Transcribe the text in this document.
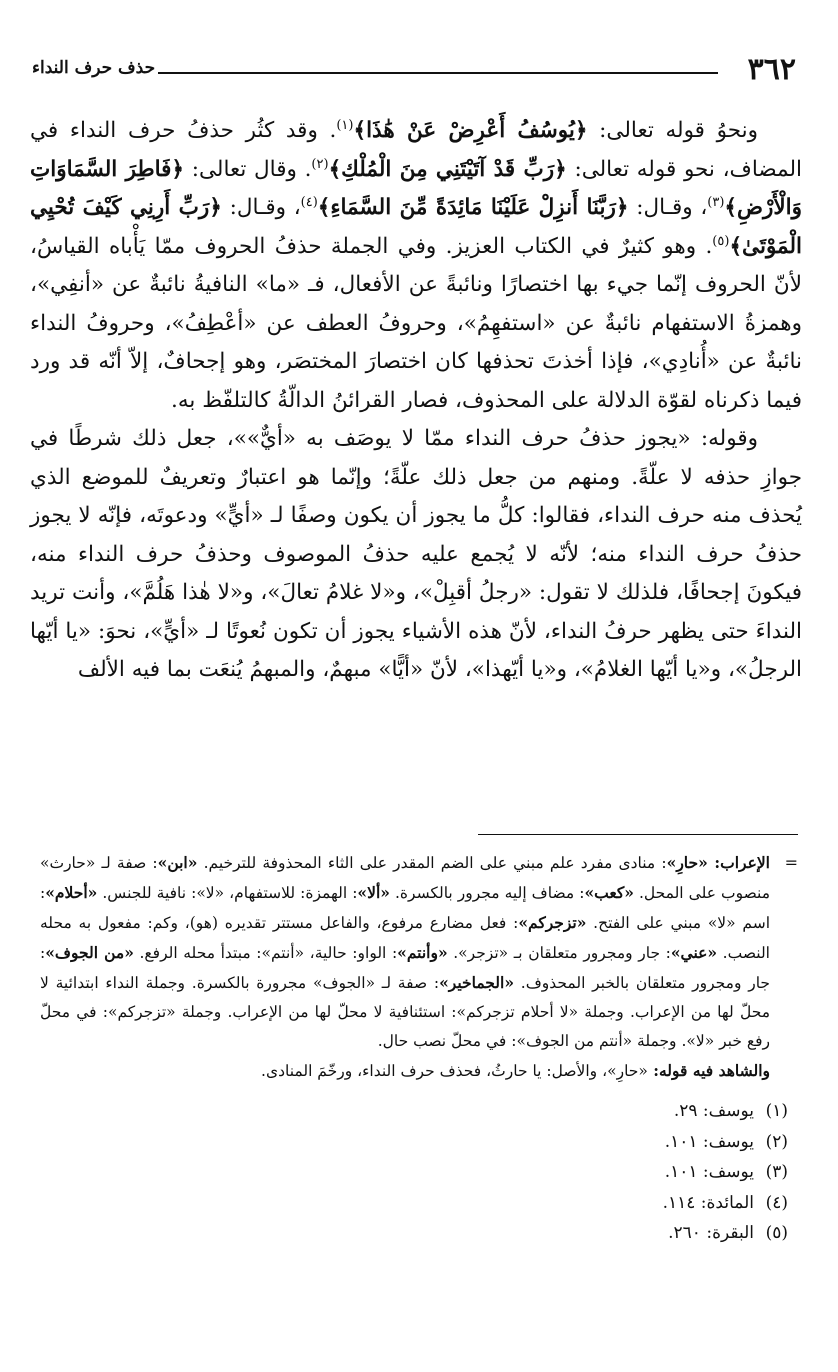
٣٦٢
حذف حرف النداء
ونحوُ قوله تعالى: ﴿يُوسُفُ أَعْرِضْ عَنْ هَٰذَا﴾$^{(١)}$. وقد كثُر حذفُ حرف النداء في المضاف، نحو قوله تعالى: ﴿رَبِّ قَدْ آتَيْتَنِي مِنَ الْمُلْكِ﴾$^{(٢)}$. وقال تعالى: ﴿فَاطِرَ السَّمَاوَاتِ وَالْأَرْضِ﴾$^{(٣)}$، وقـال: ﴿رَبَّنَا أَنزِلْ عَلَيْنَا مَائِدَةً مِّنَ السَّمَاءِ﴾$^{(٤)}$، وقـال: ﴿رَبِّ أَرِنِي كَيْفَ تُحْيِي الْمَوْتَىٰ﴾$^{(٥)}$. وهو كثيرٌ في الكتاب العزيز. وفي الجملة حذفُ الحروف ممّا يَأْباه القياسُ، لأنّ الحروف إنّما جيء بها اختصارًا ونائبةً عن الأفعال، فـ «ما» النافيةُ نائبةٌ عن «أنفِي»، وهمزةُ الاستفهام نائبةٌ عن «استفهِمُ»، وحروفُ العطف عن «أعْطِفُ»، وحروفُ النداء نائبةٌ عن «أُنادِي»، فإذا أخذتَ تحذفها كان اختصارَ المختصَر، وهو إجحافٌ، إلاّ أنّه قد ورد فيما ذكرناه لقوّة الدلالة على المحذوف، فصار القرائنُ الدالّةُ كالتلفّظ به.
وقوله: «يجوز حذفُ حرف النداء ممّا لا يوصَف به «أيٌّ»»، جعل ذلك شرطًا في جوازِ حذفه لا علّةً. ومنهم من جعل ذلك علّةً؛ وإنّما هو اعتبارٌ وتعريفٌ للموضع الذي يُحذف منه حرف النداء، فقالوا: كلُّ ما يجوز أن يكون وصفًا لـ «أيٍّ» ودعوتَه، فإنّه لا يجوز حذفُ حرف النداء منه؛ لأنّه لا يُجمع عليه حذفُ الموصوف وحذفُ حرف النداء منه، فيكونَ إجحافًا، فلذلك لا تقول: «رجلُ أقبِلْ»، و«لا غلامُ تعالَ»، و«لا هٰذا هَلُمَّ»، وأنت تريد النداءَ حتى يظهر حرفُ النداء، لأنّ هذه الأشياء يجوز أن تكون نُعوتًا لـ «أيٍّ»، نحوَ: «يا أيّها الرجلُ»، و«يا أيّها الغلامُ»، و«يا أيّهذا»، لأنّ «أيًّا» مبهمٌ، والمبهمُ يُنعَت بما فيه الألف
=
الإعراب: «حارِ»: منادى مفرد علم مبني على الضم المقدر على الثاء المحذوفة للترخيم. «ابن»: صفة لـ «حارث» منصوب على المحل. «كعب»: مضاف إليه مجرور بالكسرة. «ألا»: الهمزة: للاستفهام، «لا»: نافية للجنس. «أحلام»: اسم «لا» مبني على الفتح. «تزجركم»: فعل مضارع مرفوع، والفاعل مستتر تقديره (هو)، وكم: مفعول به محله النصب. «عني»: جار ومجرور متعلقان بـ «تزجر». «وأنتم»: الواو: حالية، «أنتم»: مبتدأ محله الرفع. «من الجوف»: جار ومجرور متعلقان بالخبر المحذوف. «الجماخير»: صفة لـ «الجوف» مجرورة بالكسرة. وجملة النداء ابتدائية لا محلّ لها من الإعراب. وجملة «لا أحلام تزجركم»: استئنافية لا محلّ لها من الإعراب. وجملة «تزجركم»: في محلّ رفع خبر «لا». وجملة «أنتم من الجوف»: في محلّ نصب حال.
والشاهد فيه قوله: «حارِ»، والأصل: يا حارثُ، فحذف حرف النداء، ورخّمَ المنادى.
(١)يوسف: ٢٩.
(٢)يوسف: ١٠١.
(٣)يوسف: ١٠١.
(٤)المائدة: ١١٤.
(٥)البقرة: ٢٦٠.
